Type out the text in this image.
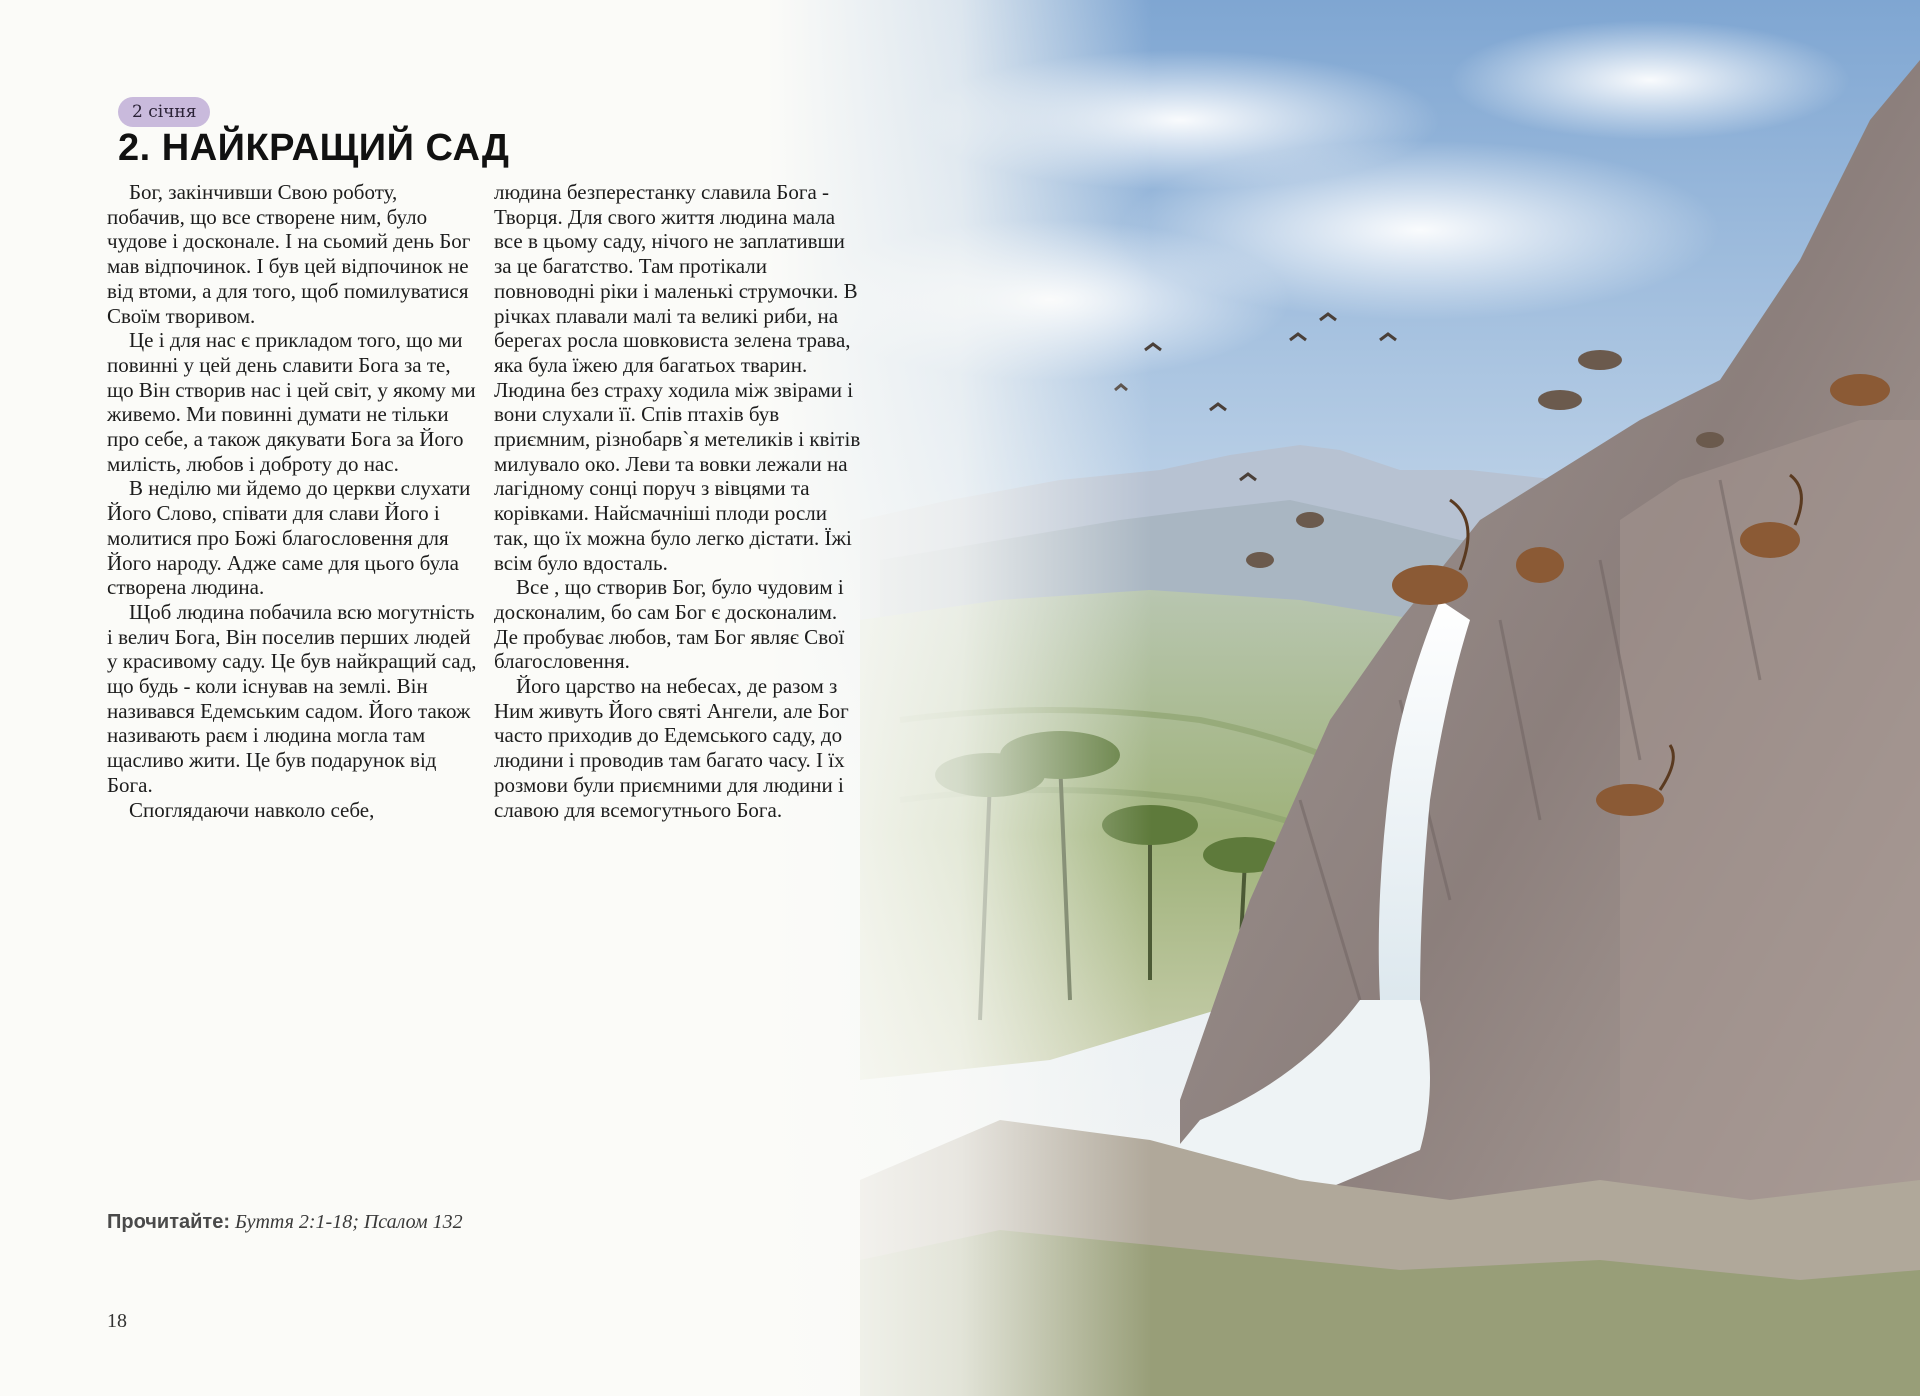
2 січня
2. НАЙКРАЩИЙ САД

Бог, закінчивши Свою роботу, побачив, що все створене ним, було чудове і досконале. І на сьомий день Бог мав відпочинок. І був цей відпочинок не від втоми, а для того, щоб помилуватися Своїм творивом.

Це і для нас є прикладом того, що ми повинні у цей день славити Бога за те, що Він створив нас і цей світ, у якому ми живемо. Ми повинні думати не тільки про себе, а також дякувати Бога за Його милість, любов і доброту до нас.

В неділю ми йдемо до церкви слухати Його Слово, співати для слави Його і молитися про Божі благословення для Його народу. Адже саме для цього була створена людина.

Щоб людина побачила всю могутність і велич Бога, Він поселив перших людей у красивому саду. Це був найкращий сад, що будь - коли існував на землі. Він називався Едемським садом. Його також називають раєм і людина могла там щасливо жити. Це був подарунок від Бога.

Споглядаючи навколо себе,

людина безперестанку славила Бога - Творця. Для свого життя людина мала все в цьому саду, нічого не заплативши за це багатство. Там протікали повноводні ріки і маленькі струмочки. В річках плавали малі та великі риби, на берегах росла шовковиста зелена трава, яка була їжею для багатьох тварин. Людина без страху ходила між звірами і вони слухали її. Спів птахів був приємним, різнобарв`я метеликів і квітів милувало око. Леви та вовки лежали на лагідному сонці поруч з вівцями та корівками. Найсмачніші плоди росли так, що їх можна було легко дістати. Їжі всім було вдосталь.

Все , що створив Бог, було чудовим і досконалим, бо сам Бог є досконалим. Де пробуває любов, там Бог являє Свої благословення.

Його царство на небесах, де разом з Ним живуть Його святі Ангели, але Бог часто приходив до Едемського саду, до людини і проводив там багато часу. І їх розмови були приємними для людини і славою для всемогутнього Бога.

Прочитайте: Буття 2:1-18; Псалом 132
18
